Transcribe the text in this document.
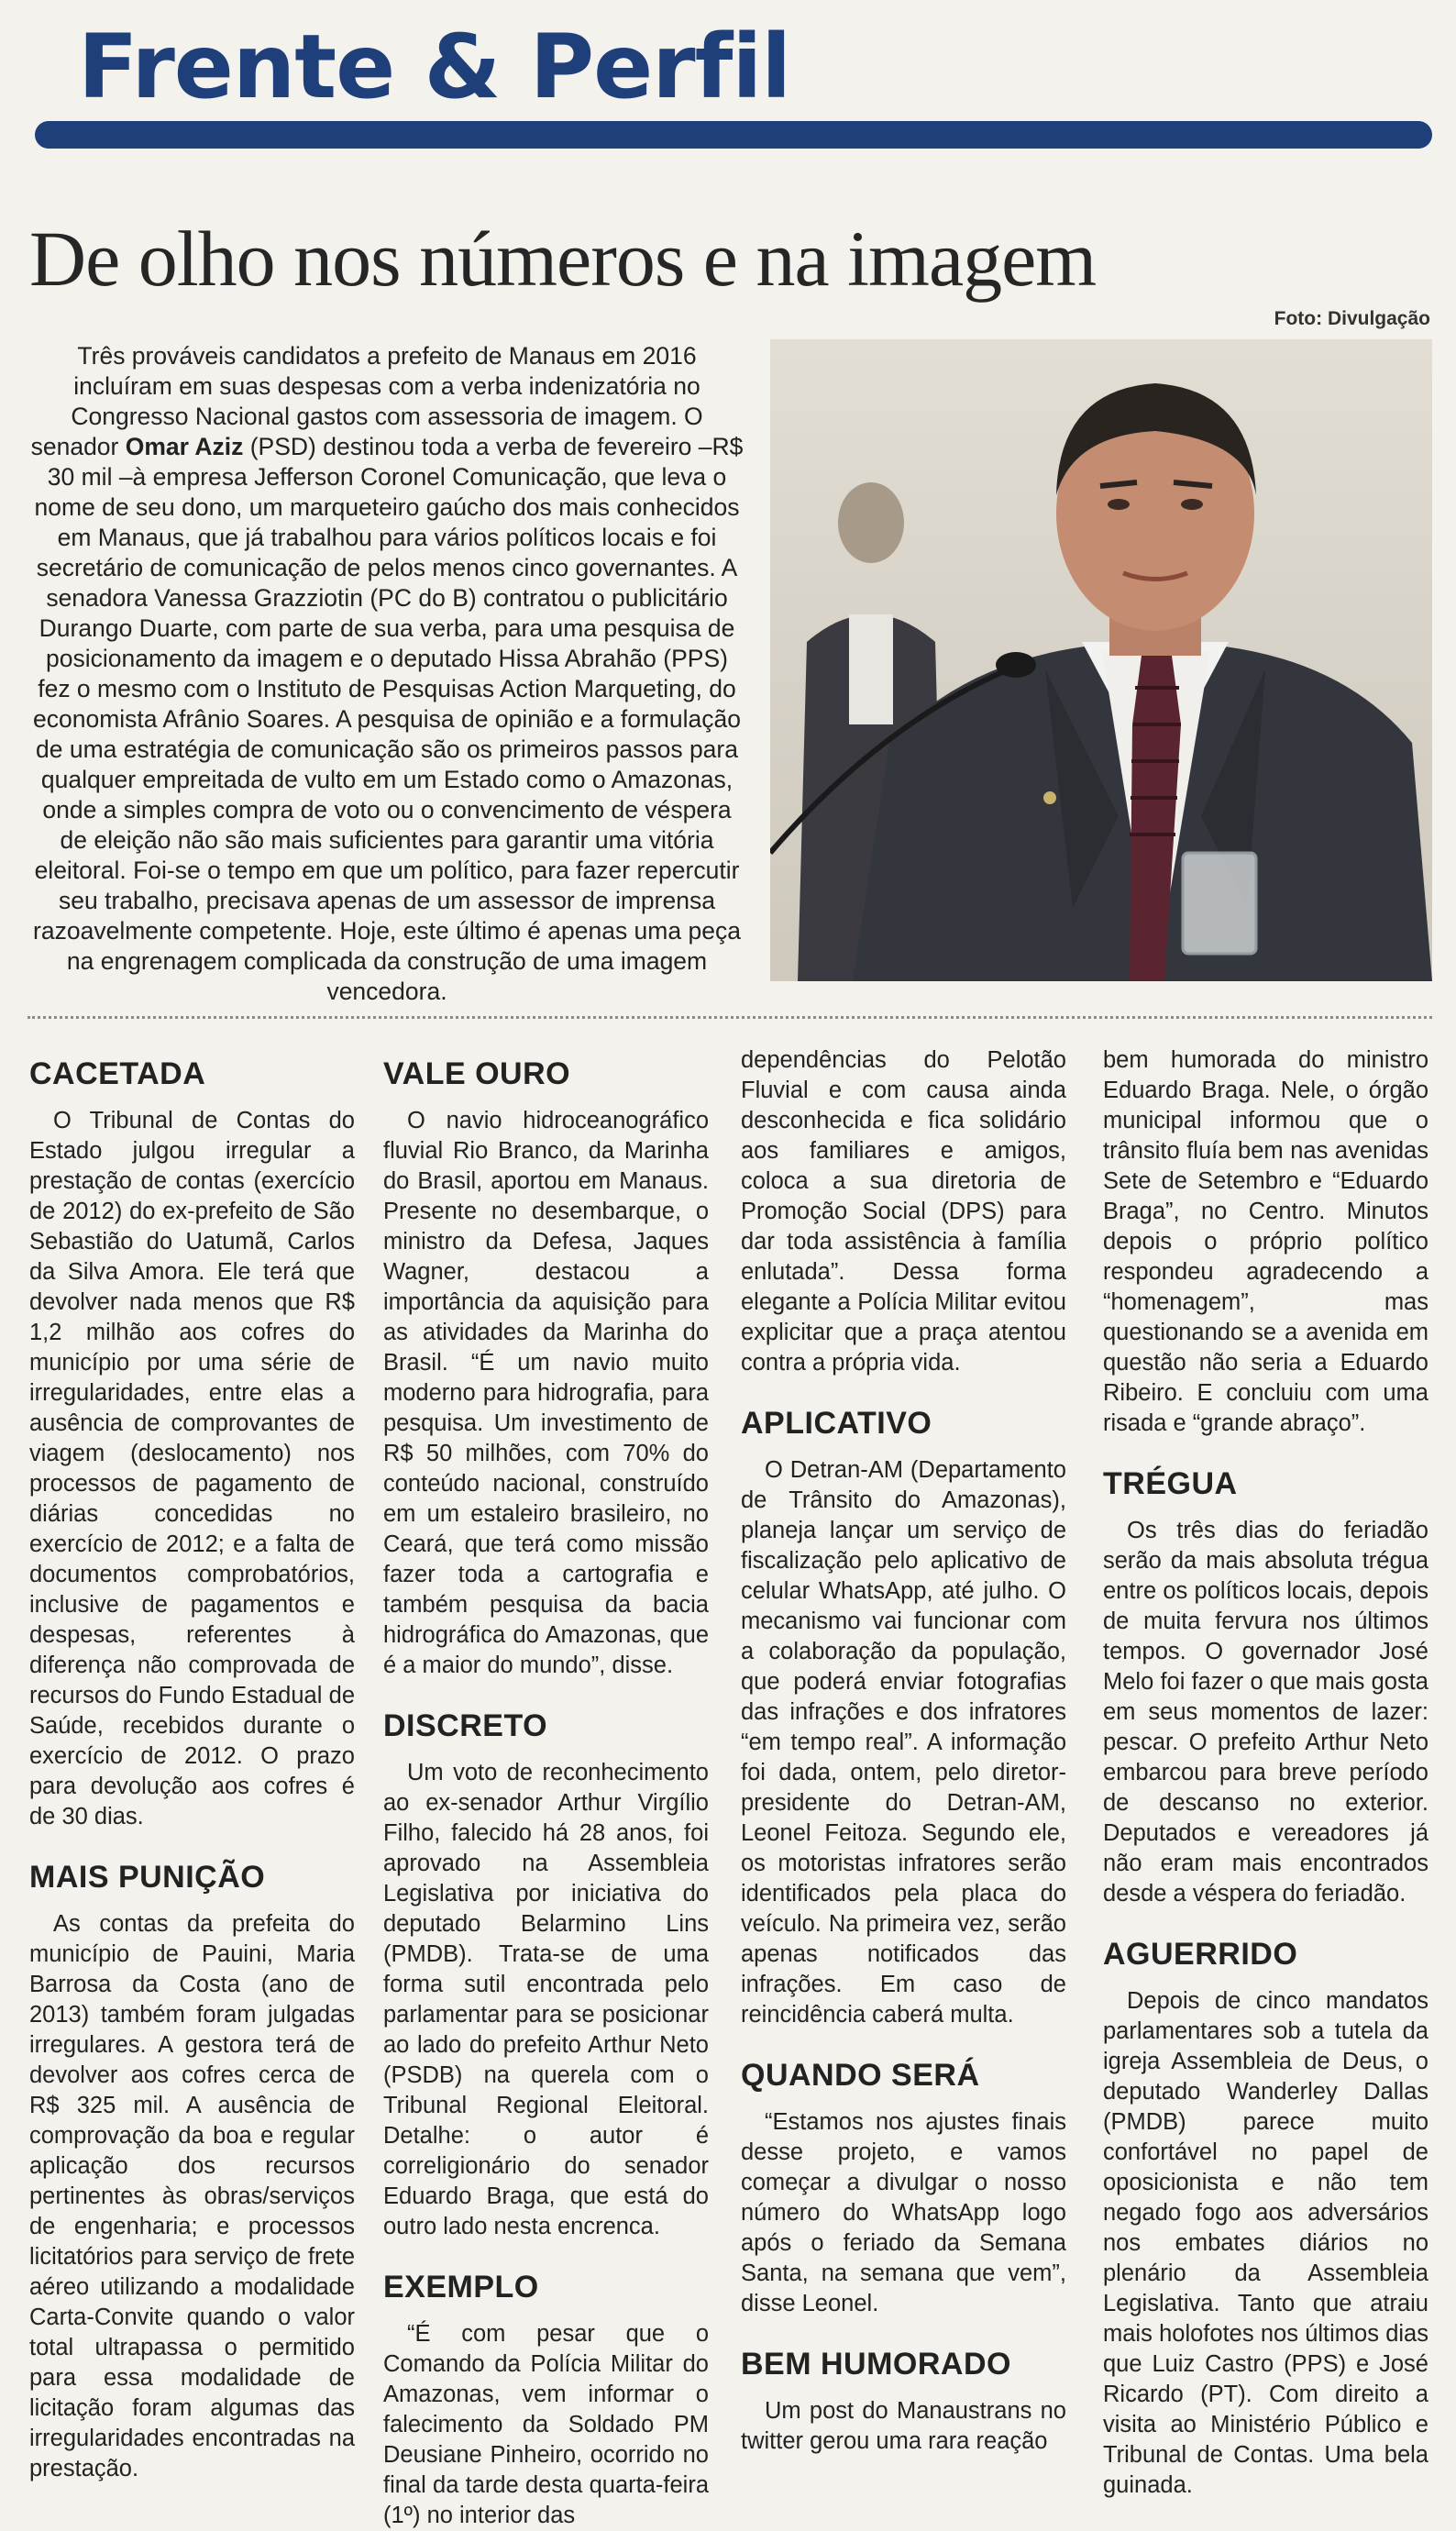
Frente & Perfil
De olho nos números e na imagem
Foto: Divulgação

Três prováveis candidatos a prefeito de Manaus em 2016 incluíram em suas despesas com a verba indenizatória no Congresso Nacional gastos com assessoria de imagem. O senador Omar Aziz (PSD) destinou toda a verba de fevereiro –R$ 30 mil –à empresa Jefferson Coronel Comunicação, que leva o nome de seu dono, um marqueteiro gaúcho dos mais conhecidos em Manaus, que já trabalhou para vários políticos locais e foi secretário de comunicação de pelos menos cinco governantes. A senadora Vanessa Grazziotin (PC do B) contratou o publicitário Durango Duarte, com parte de sua verba, para uma pesquisa de posicionamento da imagem e o deputado Hissa Abrahão (PPS) fez o mesmo com o Instituto de Pesquisas Action Marqueting, do economista Afrânio Soares. A pesquisa de opinião e a formulação de uma estratégia de comunicação são os primeiros passos para qualquer empreitada de vulto em um Estado como o Amazonas, onde a simples compra de voto ou o convencimento de véspera de eleição não são mais suficientes para garantir uma vitória eleitoral. Foi-se o tempo em que um político, para fazer repercutir seu trabalho, precisava apenas de um assessor de imprensa razoavelmente competente. Hoje, este último é apenas uma peça na engrenagem complicada da construção de uma imagem vencedora.

CACETADA

O Tribunal de Contas do Estado julgou irregular a prestação de contas (exercício de 2012) do ex-prefeito de São Sebastião do Uatumã, Carlos da Silva Amora. Ele terá que devolver nada menos que R$ 1,2 milhão aos cofres do município por uma série de irregularidades, entre elas a ausência de comprovantes de viagem (deslocamento) nos processos de pagamento de diárias concedidas no exercício de 2012; e a falta de documentos comprobatórios, inclusive de pagamentos e despesas, referentes à diferença não comprovada de recursos do Fundo Estadual de Saúde, recebidos durante o exercício de 2012. O prazo para devolução aos cofres é de 30 dias.

MAIS PUNIÇÃO

As contas da prefeita do município de Pauini, Maria Barrosa da Costa (ano de 2013) também foram julgadas irregulares. A gestora terá de devolver aos cofres cerca de R$ 325 mil. A ausência de comprovação da boa e regular aplicação dos recursos pertinentes às obras/serviços de engenharia; e processos licitatórios para serviço de frete aéreo utilizando a modalidade Carta-Convite quando o valor total ultrapassa o permitido para essa modalidade de licitação foram algumas das irregularidades encontradas na prestação.

VALE OURO

O navio hidroceanográfico fluvial Rio Branco, da Marinha do Brasil, aportou em Manaus. Presente no desembarque, o ministro da Defesa, Jaques Wagner, destacou a importância da aquisição para as atividades da Marinha do Brasil. “É um navio muito moderno para hidrografia, para pesquisa. Um investimento de R$ 50 milhões, com 70% do conteúdo nacional, construído em um estaleiro brasileiro, no Ceará, que terá como missão fazer toda a cartografia e também pesquisa da bacia hidrográfica do Amazonas, que é a maior do mundo”, disse.

DISCRETO

Um voto de reconhecimento ao ex-senador Arthur Virgílio Filho, falecido há 28 anos, foi aprovado na Assembleia Legislativa por iniciativa do deputado Belarmino Lins (PMDB). Trata-se de uma forma sutil encontrada pelo parlamentar para se posicionar ao lado do prefeito Arthur Neto (PSDB) na querela com o Tribunal Regional Eleitoral. Detalhe: o autor é correligionário do senador Eduardo Braga, que está do outro lado nesta encrenca.

EXEMPLO

“É com pesar que o Comando da Polícia Militar do Amazonas, vem informar o falecimento da Soldado PM Deusiane Pinheiro, ocorrido no final da tarde desta quarta-feira (1º) no interior das

dependências do Pelotão Fluvial e com causa ainda desconhecida e fica solidário aos familiares e amigos, coloca a sua diretoria de Promoção Social (DPS) para dar toda assistência à família enlutada”. Dessa forma elegante a Polícia Militar evitou explicitar que a praça atentou contra a própria vida.

APLICATIVO

O Detran-AM (Departamento de Trânsito do Amazonas), planeja lançar um serviço de fiscalização pelo aplicativo de celular WhatsApp, até julho. O mecanismo vai funcionar com a colaboração da população, que poderá enviar fotografias das infrações e dos infratores “em tempo real”. A informação foi dada, ontem, pelo diretor-presidente do Detran-AM, Leonel Feitoza. Segundo ele, os motoristas infratores serão identificados pela placa do veículo. Na primeira vez, serão apenas notificados das infrações. Em caso de reincidência caberá multa.

QUANDO SERÁ

“Estamos nos ajustes finais desse projeto, e vamos começar a divulgar o nosso número do WhatsApp logo após o feriado da Semana Santa, na semana que vem”, disse Leonel.

BEM HUMORADO

Um post do Manaustrans no twitter gerou uma rara reação

bem humorada do ministro Eduardo Braga. Nele, o órgão municipal informou que o trânsito fluía bem nas avenidas Sete de Setembro e “Eduardo Braga”, no Centro. Minutos depois o próprio político respondeu agradecendo a “homenagem”, mas questionando se a avenida em questão não seria a Eduardo Ribeiro. E concluiu com uma risada e “grande abraço”.

TRÉGUA

Os três dias do feriadão serão da mais absoluta trégua entre os políticos locais, depois de muita fervura nos últimos tempos. O governador José Melo foi fazer o que mais gosta em seus momentos de lazer: pescar. O prefeito Arthur Neto embarcou para breve período de descanso no exterior. Deputados e vereadores já não eram mais encontrados desde a véspera do feriadão.

AGUERRIDO

Depois de cinco mandatos parlamentares sob a tutela da igreja Assembleia de Deus, o deputado Wanderley Dallas (PMDB) parece muito confortável no papel de oposicionista e não tem negado fogo aos adversários nos embates diários no plenário da Assembleia Legislativa. Tanto que atraiu mais holofotes nos últimos dias que Luiz Castro (PPS) e José Ricardo (PT). Com direito a visita ao Ministério Público e Tribunal de Contas. Uma bela guinada.
